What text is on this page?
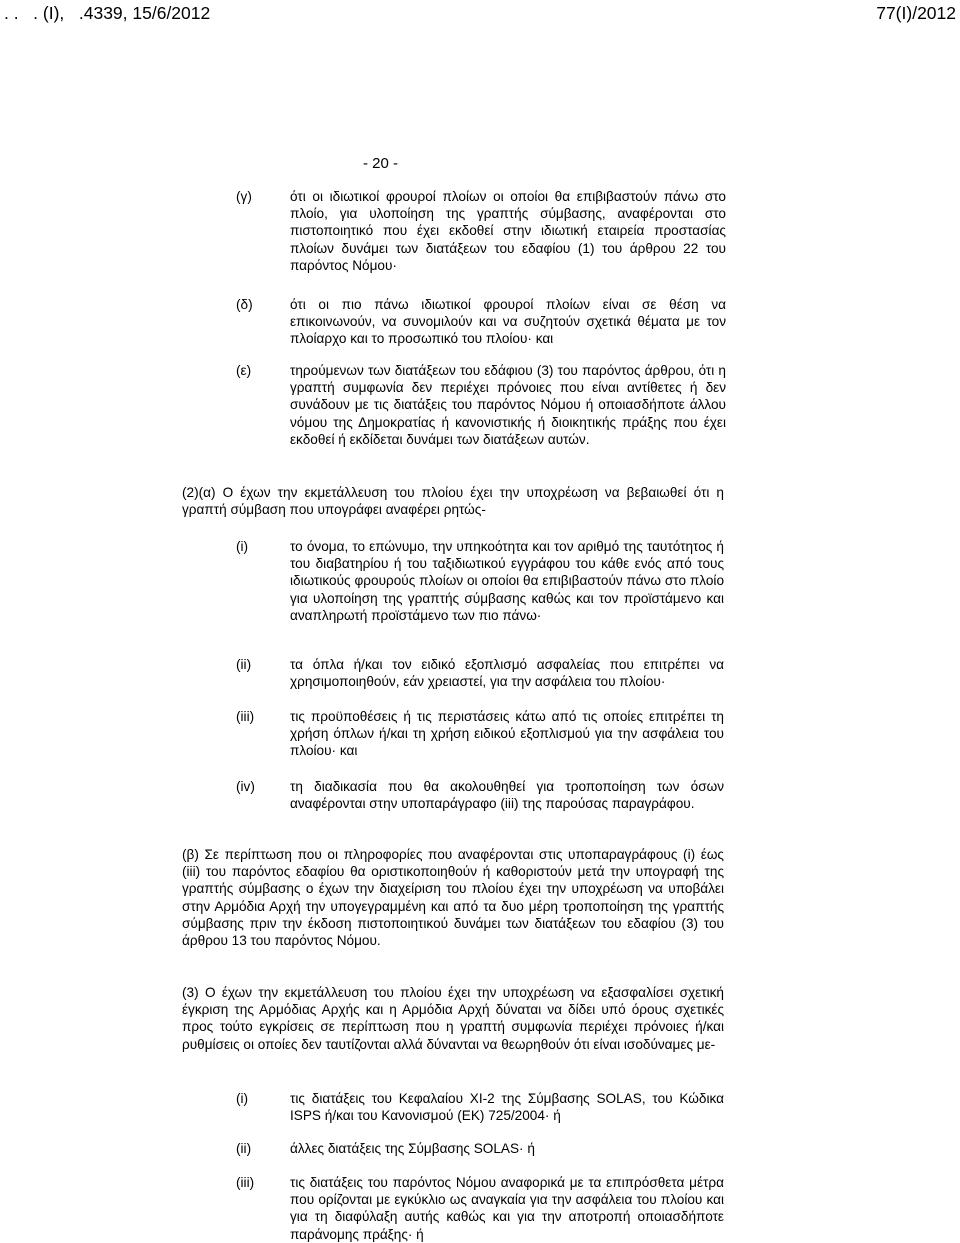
. .   . (Ι),   .4339, 15/6/2012	77(Ι)/2012
- 20 -
(γ)	ότι οι ιδιωτικοί φρουροί πλοίων οι οποίοι θα επιβιβαστούν πάνω στο πλοίο, για υλοποίηση της γραπτής σύμβασης, αναφέρονται στο πιστοποιητικό που έχει εκδοθεί στην ιδιωτική εταιρεία προστασίας πλοίων δυνάμει των διατάξεων του εδαφίου (1) του άρθρου 22 του παρόντος Νόμου·
(δ)	ότι οι πιο πάνω ιδιωτικοί φρουροί πλοίων είναι σε θέση να επικοινωνούν, να συνομιλούν και να συζητούν σχετικά θέματα με τον πλοίαρχο και το προσωπικό του πλοίου· και
(ε)	τηρούμενων των διατάξεων του εδάφιου (3) του παρόντος άρθρου, ότι η γραπτή συμφωνία δεν περιέχει πρόνοιες που είναι αντίθετες ή δεν συνάδουν με τις διατάξεις του παρόντος Νόμου ή οποιασδήποτε άλλου νόμου της Δημοκρατίας ή κανονιστικής ή διοικητικής πράξης που έχει εκδοθεί ή εκδίδεται δυνάμει των διατάξεων αυτών.
(2)(α) Ο έχων την εκμετάλλευση του πλοίου έχει την υποχρέωση να βεβαιωθεί ότι η γραπτή σύμβαση που υπογράφει αναφέρει ρητώς-
(i)	το όνομα, το επώνυμο, την υπηκοότητα και τον αριθμό της ταυτότητος ή του διαβατηρίου ή του ταξιδιωτικού εγγράφου του κάθε ενός από τους ιδιωτικούς φρουρούς πλοίων οι οποίοι θα επιβιβαστούν πάνω στο πλοίο για υλοποίηση της γραπτής σύμβασης καθώς και τον προϊστάμενο και αναπληρωτή προϊστάμενο των πιο πάνω·
(ii)	τα όπλα ή/και τον ειδικό εξοπλισμό ασφαλείας που επιτρέπει να χρησιμοποιηθούν, εάν χρειαστεί, για την ασφάλεια του πλοίου·
(iii)	τις προϋποθέσεις ή τις περιστάσεις κάτω από τις οποίες επιτρέπει τη χρήση όπλων ή/και τη χρήση ειδικού εξοπλισμού για την ασφάλεια του πλοίου· και
(iv)	τη διαδικασία που θα ακολουθηθεί για τροποποίηση των όσων αναφέρονται στην υποπαράγραφο (iii) της παρούσας παραγράφου.
(β) Σε περίπτωση που οι πληροφορίες που αναφέρονται στις υποπαραγράφους (i) έως (iii) του παρόντος εδαφίου θα οριστικοποιηθούν ή καθοριστούν μετά την υπογραφή της γραπτής σύμβασης ο έχων την διαχείριση του πλοίου έχει την υποχρέωση να υποβάλει στην Αρμόδια Αρχή την υπογεγραμμένη και από τα δυο μέρη τροποποίηση της γραπτής σύμβασης πριν την έκδοση πιστοποιητικού δυνάμει των διατάξεων του εδαφίου (3) του άρθρου 13 του παρόντος Νόμου.
(3) Ο έχων την εκμετάλλευση του πλοίου έχει την υποχρέωση να εξασφαλίσει σχετική έγκριση της Αρμόδιας Αρχής και η Αρμόδια Αρχή δύναται να δίδει υπό όρους σχετικές προς τούτο εγκρίσεις σε περίπτωση που η γραπτή συμφωνία περιέχει πρόνοιες ή/και ρυθμίσεις οι οποίες δεν ταυτίζονται αλλά δύνανται να θεωρηθούν ότι είναι ισοδύναμες με-
(i)	τις διατάξεις του Κεφαλαίου ΧΙ-2 της Σύμβασης SOLAS, του Κώδικα ISPS ή/και του Κανονισμού (ΕΚ) 725/2004· ή
(ii)	άλλες διατάξεις της Σύμβασης SOLAS· ή
(iii)	τις διατάξεις του παρόντος Νόμου αναφορικά με τα επιπρόσθετα μέτρα που ορίζονται με εγκύκλιο ως αναγκαία για την ασφάλεια του πλοίου και για τη διαφύλαξη αυτής καθώς και για την αποτροπή οποιασδήποτε παράνομης πράξης· ή
